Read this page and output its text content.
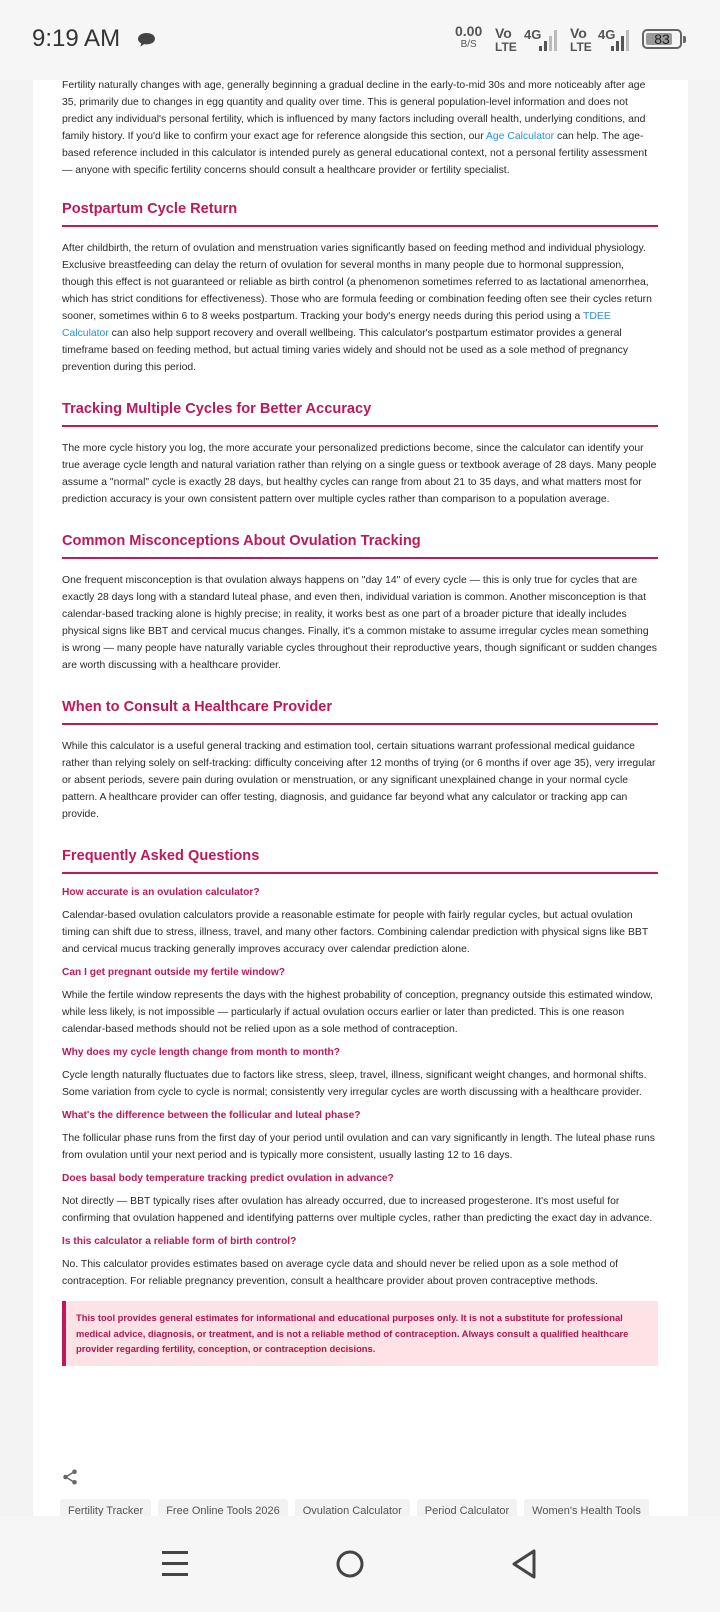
Fertility naturally changes with age, generally beginning a gradual decline in the early-to-mid 30s and more noticeably after age 35, primarily due to changes in egg quantity and quality over time. This is general population-level information and does not predict any individual's personal fertility, which is influenced by many factors including overall health, underlying conditions, and family history. If you'd like to confirm your exact age for reference alongside this section, our Age Calculator can help. The age-based reference included in this calculator is intended purely as general educational context, not a personal fertility assessment — anyone with specific fertility concerns should consult a healthcare provider or fertility specialist.

Postpartum Cycle Return

After childbirth, the return of ovulation and menstruation varies significantly based on feeding method and individual physiology. Exclusive breastfeeding can delay the return of ovulation for several months in many people due to hormonal suppression, though this effect is not guaranteed or reliable as birth control (a phenomenon sometimes referred to as lactational amenorrhea, which has strict conditions for effectiveness). Those who are formula feeding or combination feeding often see their cycles return sooner, sometimes within 6 to 8 weeks postpartum. Tracking your body's energy needs during this period using a TDEE Calculator can also help support recovery and overall wellbeing. This calculator's postpartum estimator provides a general timeframe based on feeding method, but actual timing varies widely and should not be used as a sole method of pregnancy prevention during this period.

Tracking Multiple Cycles for Better Accuracy

The more cycle history you log, the more accurate your personalized predictions become, since the calculator can identify your true average cycle length and natural variation rather than relying on a single guess or textbook average of 28 days. Many people assume a "normal" cycle is exactly 28 days, but healthy cycles can range from about 21 to 35 days, and what matters most for prediction accuracy is your own consistent pattern over multiple cycles rather than comparison to a population average.

Common Misconceptions About Ovulation Tracking

One frequent misconception is that ovulation always happens on "day 14" of every cycle — this is only true for cycles that are exactly 28 days long with a standard luteal phase, and even then, individual variation is common. Another misconception is that calendar-based tracking alone is highly precise; in reality, it works best as one part of a broader picture that ideally includes physical signs like BBT and cervical mucus changes. Finally, it's a common mistake to assume irregular cycles mean something is wrong — many people have naturally variable cycles throughout their reproductive years, though significant or sudden changes are worth discussing with a healthcare provider.

When to Consult a Healthcare Provider

While this calculator is a useful general tracking and estimation tool, certain situations warrant professional medical guidance rather than relying solely on self-tracking: difficulty conceiving after 12 months of trying (or 6 months if over age 35), very irregular or absent periods, severe pain during ovulation or menstruation, or any significant unexplained change in your normal cycle pattern. A healthcare provider can offer testing, diagnosis, and guidance far beyond what any calculator or tracking app can provide.

Frequently Asked Questions
How accurate is an ovulation calculator?

Calendar-based ovulation calculators provide a reasonable estimate for people with fairly regular cycles, but actual ovulation timing can shift due to stress, illness, travel, and many other factors. Combining calendar prediction with physical signs like BBT and cervical mucus tracking generally improves accuracy over calendar prediction alone.

Can I get pregnant outside my fertile window?

While the fertile window represents the days with the highest probability of conception, pregnancy outside this estimated window, while less likely, is not impossible — particularly if actual ovulation occurs earlier or later than predicted. This is one reason calendar-based methods should not be relied upon as a sole method of contraception.

Why does my cycle length change from month to month?

Cycle length naturally fluctuates due to factors like stress, sleep, travel, illness, significant weight changes, and hormonal shifts. Some variation from cycle to cycle is normal; consistently very irregular cycles are worth discussing with a healthcare provider.

What's the difference between the follicular and luteal phase?

The follicular phase runs from the first day of your period until ovulation and can vary significantly in length. The luteal phase runs from ovulation until your next period and is typically more consistent, usually lasting 12 to 16 days.

Does basal body temperature tracking predict ovulation in advance?

Not directly — BBT typically rises after ovulation has already occurred, due to increased progesterone. It's most useful for confirming that ovulation happened and identifying patterns over multiple cycles, rather than predicting the exact day in advance.

Is this calculator a reliable form of birth control?

No. This calculator provides estimates based on average cycle data and should never be relied upon as a sole method of contraception. For reliable pregnancy prevention, consult a healthcare provider about proven contraceptive methods.

This tool provides general estimates for informational and educational purposes only. It is not a substitute for professional medical advice, diagnosis, or treatment, and is not a reliable method of contraception. Always consult a qualified healthcare provider regarding fertility, conception, or contraception decisions.
Fertility Tracker	Free Online Tools 2026	Ovulation Calculator	Period Calculator	Women's Health Tools
9:19 AM	0.00
B/S
Vo
LTE
4G Vo
LTE
4G	83
